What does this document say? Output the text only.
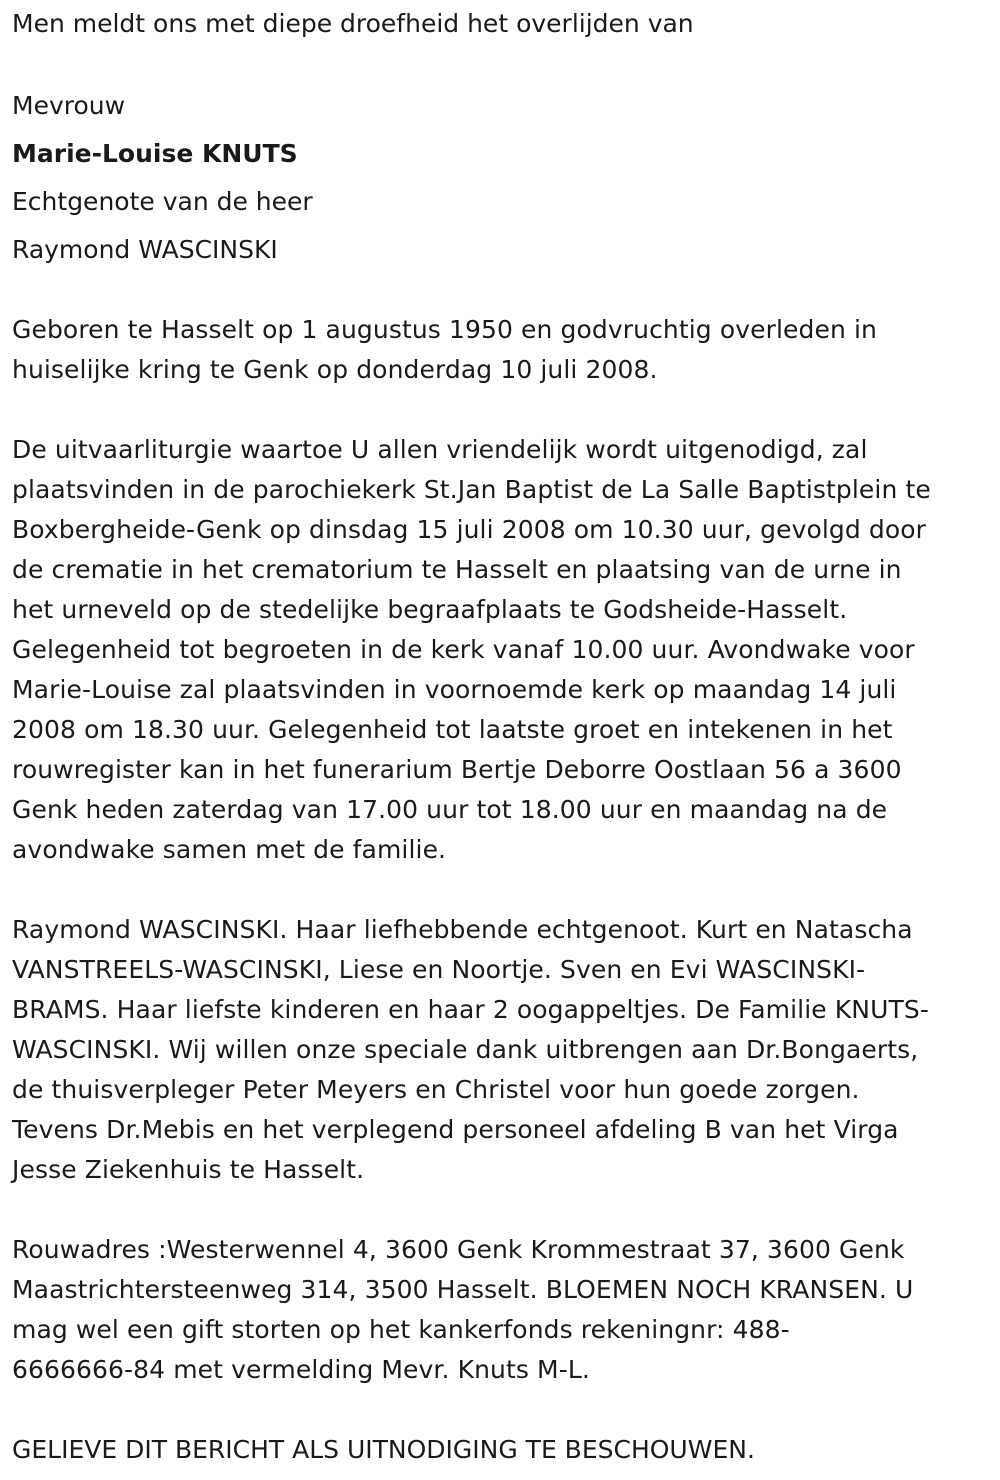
Men meldt ons met diepe droefheid het overlijden van
Mevrouw
Marie-Louise KNUTS
Echtgenote van de heer
Raymond WASCINSKI
Geboren te Hasselt op 1 augustus 1950 en godvruchtig overleden in
huiselijke kring te Genk op donderdag 10 juli 2008.
De uitvaarliturgie waartoe U allen vriendelijk wordt uitgenodigd, zal
plaatsvinden in de parochiekerk St.Jan Baptist de La Salle Baptistplein te
Boxbergheide-Genk op dinsdag 15 juli 2008 om 10.30 uur, gevolgd door
de crematie in het crematorium te Hasselt en plaatsing van de urne in
het urneveld op de stedelijke begraafplaats te Godsheide-Hasselt.
Gelegenheid tot begroeten in de kerk vanaf 10.00 uur. Avondwake voor
Marie-Louise zal plaatsvinden in voornoemde kerk op maandag 14 juli
2008 om 18.30 uur. Gelegenheid tot laatste groet en intekenen in het
rouwregister kan in het funerarium Bertje Deborre Oostlaan 56 a 3600
Genk heden zaterdag van 17.00 uur tot 18.00 uur en maandag na de
avondwake samen met de familie.
Raymond WASCINSKI. Haar liefhebbende echtgenoot. Kurt en Natascha
VANSTREELS-WASCINSKI, Liese en Noortje. Sven en Evi WASCINSKI-
BRAMS. Haar liefste kinderen en haar 2 oogappeltjes. De Familie KNUTS-
WASCINSKI. Wij willen onze speciale dank uitbrengen aan Dr.Bongaerts,
de thuisverpleger Peter Meyers en Christel voor hun goede zorgen.
Tevens Dr.Mebis en het verplegend personeel afdeling B van het Virga
Jesse Ziekenhuis te Hasselt.
Rouwadres :Westerwennel 4, 3600 Genk Krommestraat 37, 3600 Genk
Maastrichtersteenweg 314, 3500 Hasselt. BLOEMEN NOCH KRANSEN. U
mag wel een gift storten op het kankerfonds rekeningnr: 488-
6666666-84 met vermelding Mevr. Knuts M-L.
GELIEVE DIT BERICHT ALS UITNODIGING TE BESCHOUWEN.
